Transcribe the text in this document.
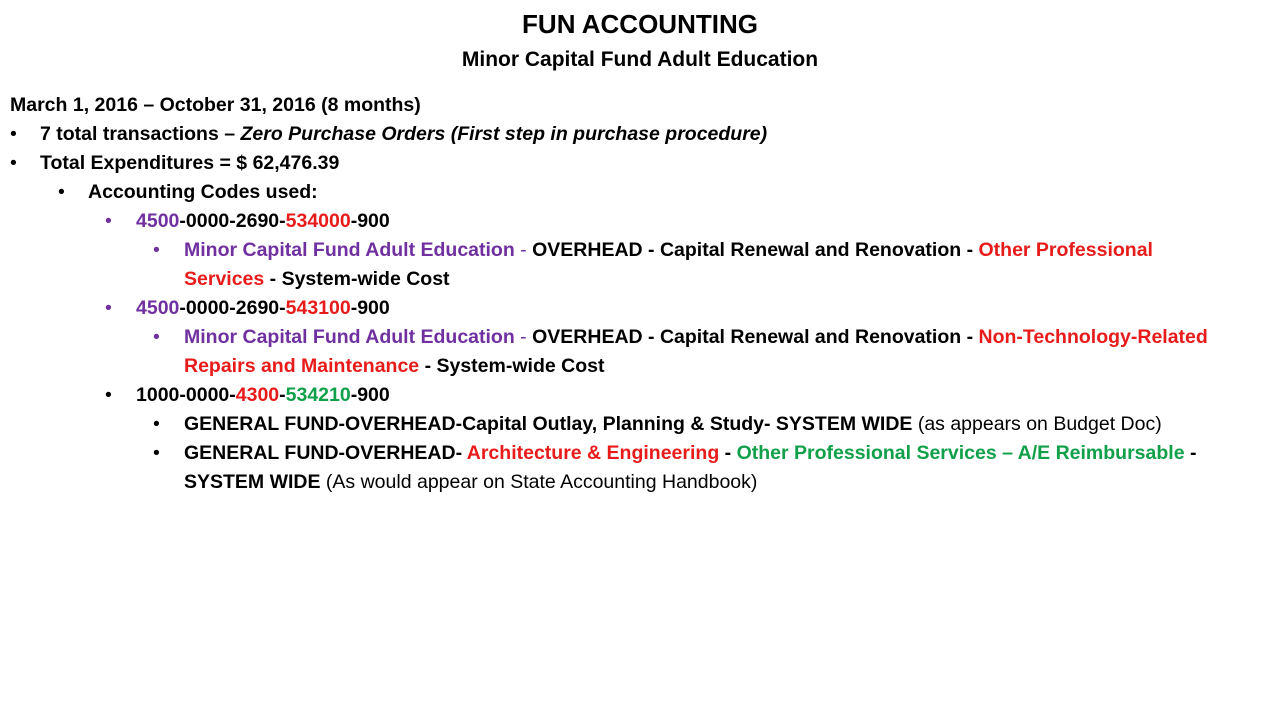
FUN ACCOUNTING
Minor Capital Fund Adult Education
March 1, 2016 – October 31, 2016 (8 months)
• 7 total transactions – Zero Purchase Orders (First step in purchase procedure)
• Total Expenditures = $ 62,476.39
• Accounting Codes used:
• 4500-0000-2690-534000-900
• Minor Capital Fund Adult Education - OVERHEAD - Capital Renewal and Renovation - Other Professional Services - System-wide Cost
• 4500-0000-2690-543100-900
• Minor Capital Fund Adult Education - OVERHEAD - Capital Renewal and Renovation - Non-Technology-Related Repairs and Maintenance - System-wide Cost
• 1000-0000-4300-534210-900
• GENERAL FUND-OVERHEAD-Capital Outlay, Planning & Study- SYSTEM WIDE (as appears on Budget Doc)
• GENERAL FUND-OVERHEAD- Architecture & Engineering - Other Professional Services – A/E Reimbursable - SYSTEM WIDE (As would appear on State Accounting Handbook)
